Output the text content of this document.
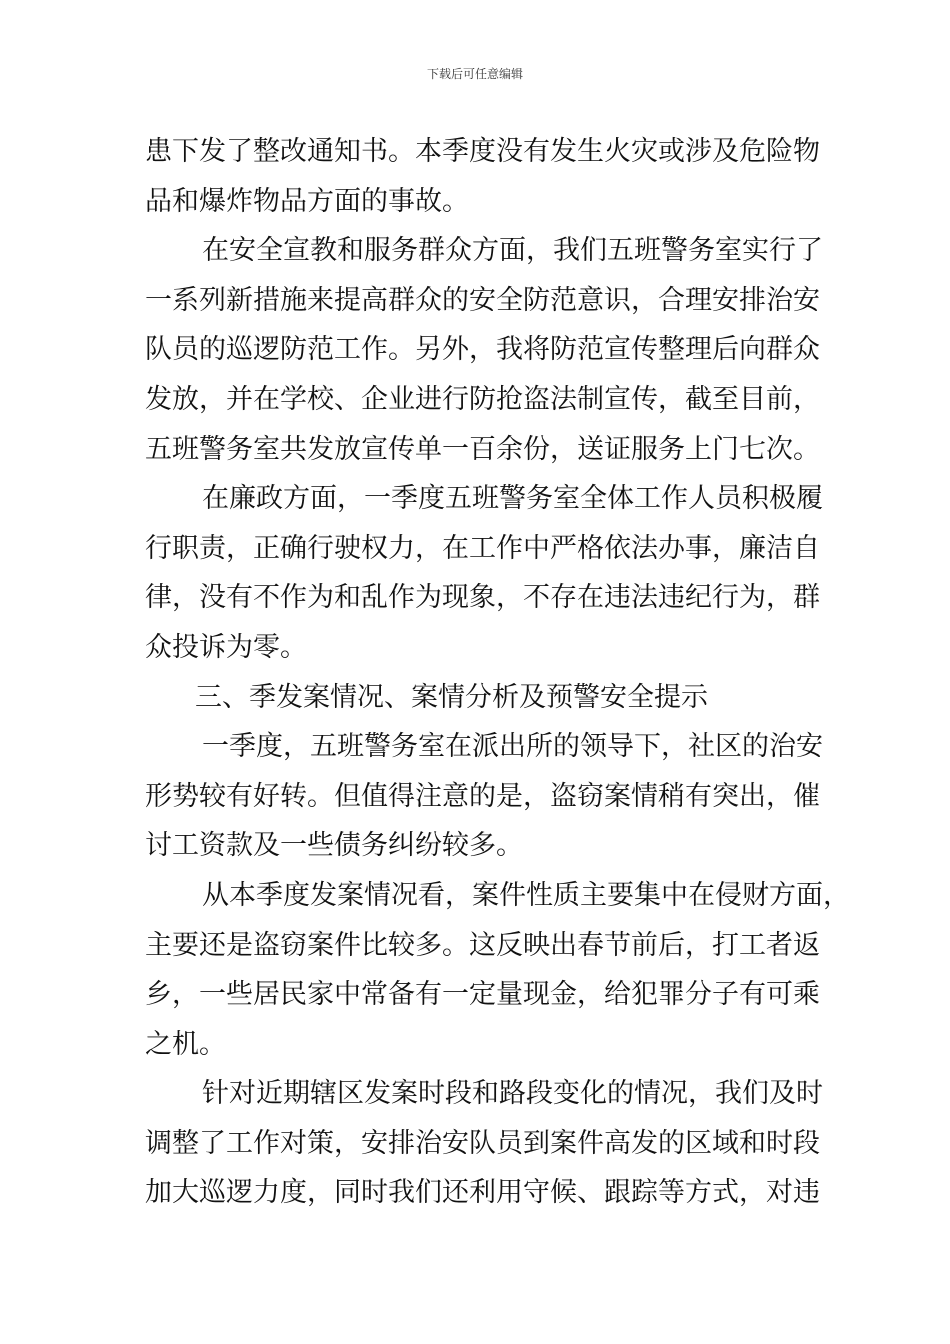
下载后可任意编辑
患下发了整改通知书。本季度没有发生火灾或涉及危险物
品和爆炸物品方面的事故。
在安全宣教和服务群众方面，我们五班警务室实行了
一系列新措施来提高群众的安全防范意识，合理安排治安
队员的巡逻防范工作。另外，我将防范宣传整理后向群众
发放，并在学校、企业进行防抢盗法制宣传，截至目前，
五班警务室共发放宣传单一百余份，送证服务上门七次。
在廉政方面，一季度五班警务室全体工作人员积极履
行职责，正确行驶权力，在工作中严格依法办事，廉洁自
律，没有不作为和乱作为现象，不存在违法违纪行为，群
众投诉为零。
三、季发案情况、案情分析及预警安全提示
一季度，五班警务室在派出所的领导下，社区的治安
形势较有好转。但值得注意的是，盗窃案情稍有突出，催
讨工资款及一些债务纠纷较多。
从本季度发案情况看，案件性质主要集中在侵财方面，
主要还是盗窃案件比较多。这反映出春节前后，打工者返
乡，一些居民家中常备有一定量现金，给犯罪分子有可乘
之机。
针对近期辖区发案时段和路段变化的情况，我们及时
调整了工作对策，安排治安队员到案件高发的区域和时段
加大巡逻力度，同时我们还利用守候、跟踪等方式，对违
